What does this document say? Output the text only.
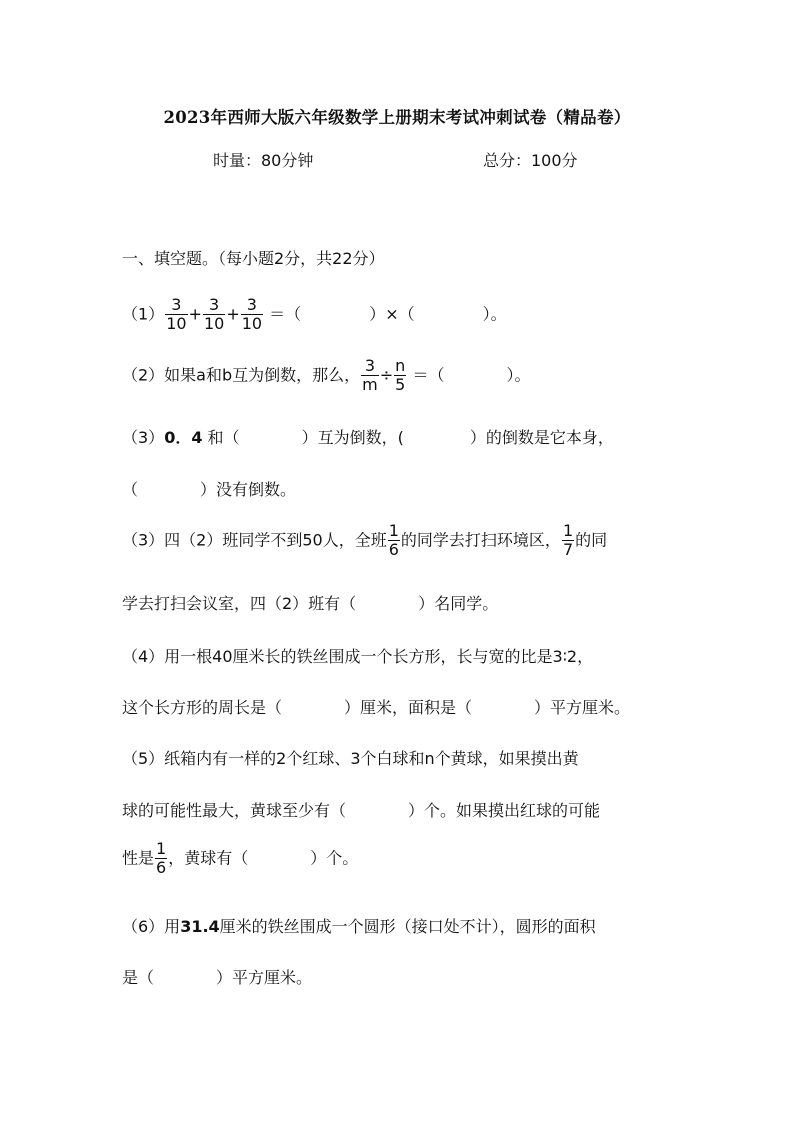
2023年西师大版六年级数学上册期末考试冲刺试卷（精品卷）
时量：80分钟	总分：100分
一、填空题。（每小题2分，共22分）
$(1) \frac{3}{10} + \frac{3}{10} + \frac{3}{10}$ ＝（	）×（	）。
（2）如果a和b互为倒数，那么， $\frac{3}{m} \div \frac{n}{5}$ ＝（	）。
（3）0．4 和（	）互为倒数，(	）的倒数是它本身，
（	）没有倒数。
（3）四（2）班同学不到50人，全班 $\frac{1}{6}$ 的同学去打扫环境区， $\frac{1}{7}$ 的同
学去打扫会议室，四（2）班有（	）名同学。
（4）用一根40厘米长的铁丝围成一个长方形，长与宽的比是3∶2，
这个长方形的周长是（	）厘米，面积是（	）平方厘米。
（5）纸箱内有一样的2个红球、3个白球和n个黄球，如果摸出黄
球的可能性最大，黄球至少有（	）个。如果摸出红球的可能
性是 $\frac{1}{6}$ ，黄球有（	）个。
（6）用31.4厘米的铁丝围成一个圆形（接口处不计），圆形的面积
是（	）平方厘米。
